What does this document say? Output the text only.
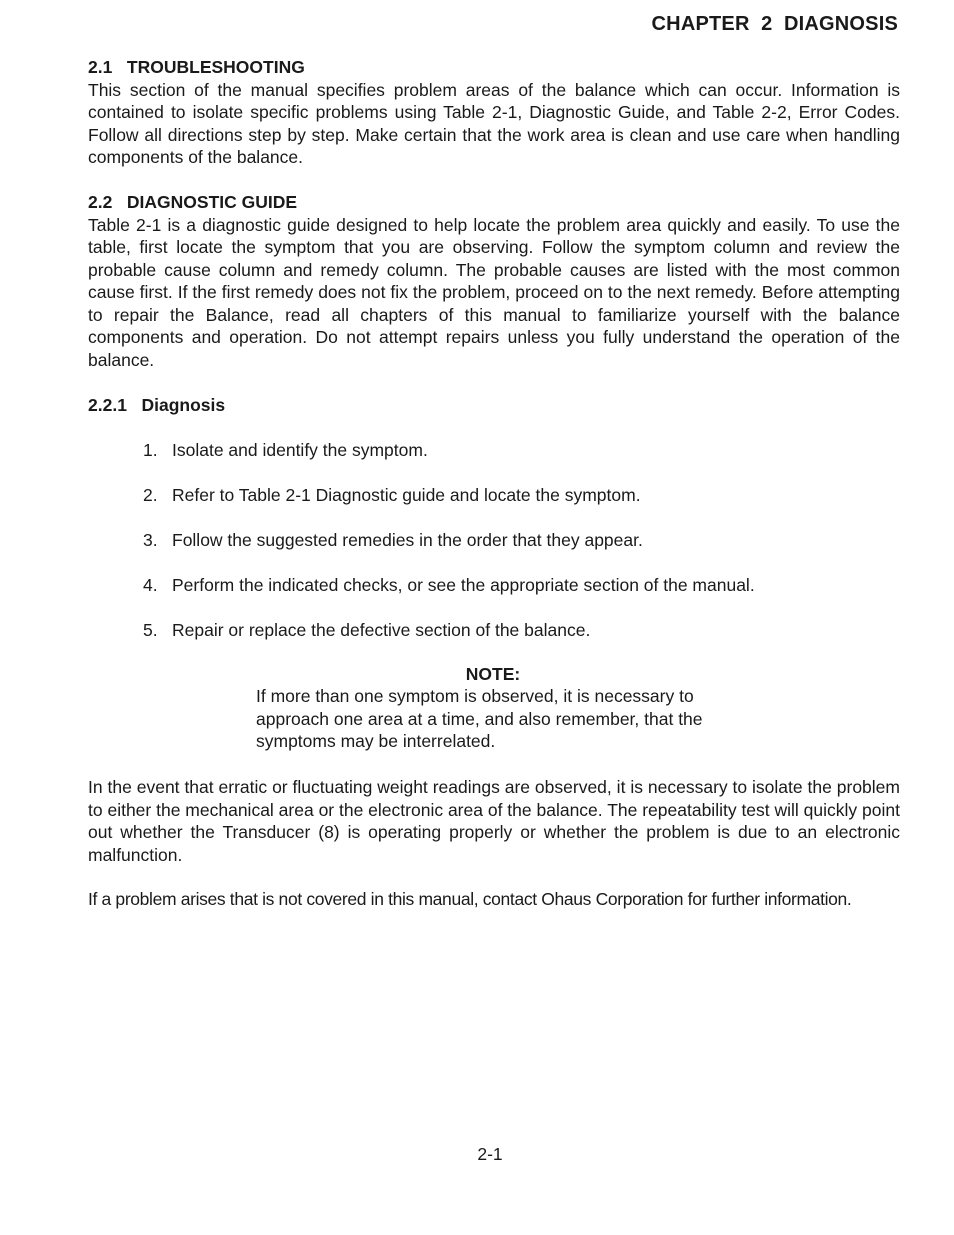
CHAPTER  2  DIAGNOSIS
2.1   TROUBLESHOOTING

This section of the manual specifies problem areas of the balance which can occur. Information is contained to isolate specific problems using Table 2-1, Diagnostic Guide, and Table 2-2, Error Codes. Follow all directions step by step. Make certain that the work area is clean and use care when handling components of the balance.

2.2   DIAGNOSTIC GUIDE

Table 2-1 is a diagnostic guide designed to help locate the problem area quickly and easily. To use the table, first locate the symptom that you are observing. Follow the symptom column and review the probable cause column and remedy column. The probable causes are listed with the most common cause first. If the first remedy does not fix the problem, proceed on to the next remedy. Before attempting to repair the Balance, read all chapters of this manual to familiarize yourself with the balance components and operation. Do not attempt repairs unless you fully understand the operation of the balance.

2.2.1   Diagnosis
1. Isolate and identify the symptom.
2. Refer to Table 2-1 Diagnostic guide and locate the symptom.
3. Follow the suggested remedies in the order that they appear.
4. Perform the indicated checks, or see the appropriate section of the manual.
5. Repair or replace the defective section of the balance.
NOTE:
If more than one symptom is observed, it is necessary to
approach one area at a time, and also remember, that the
symptoms may be interrelated.

In the event that erratic or fluctuating weight readings are observed, it is necessary to isolate the problem to either the mechanical area or the electronic area of the balance. The repeatability test will quickly point out whether the Transducer (8) is operating properly or whether the problem is due to an electronic malfunction.

If a problem arises that is not covered in this manual, contact Ohaus Corporation for further information.

2-1
